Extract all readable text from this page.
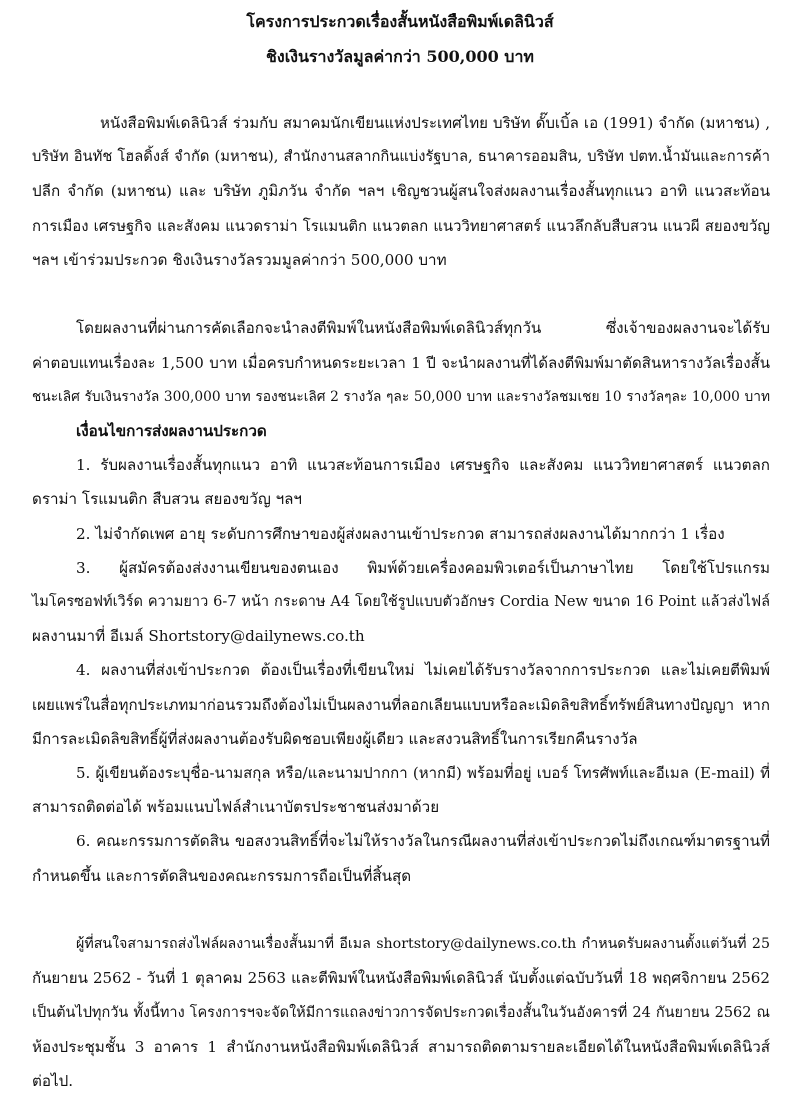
โครงการประกวดเรื่องสั้นหนังสือพิมพ์เดลินิวส์
ชิงเงินรางวัลมูลค่ากว่า 500,000 บาท
หนังสือพิมพ์เดลินิวส์ ร่วมกับ สมาคมนักเขียนแห่งประเทศไทย บริษัท ดั๊บเบิ้ล เอ (1991) จำกัด (มหาชน) ,
บริษัท อินทัช โฮลดิ้งส์ จำกัด (มหาชน), สำนักงานสลากกินแบ่งรัฐบาล, ธนาคารออมสิน, บริษัท ปตท.น้ำมันและการค้า
ปลีก จำกัด (มหาชน) และ บริษัท ภูมิภวัน จำกัด ฯลฯ เชิญชวนผู้สนใจส่งผลงานเรื่องสั้นทุกแนว อาทิ แนวสะท้อน
การเมือง เศรษฐกิจ และสังคม แนวดราม่า โรแมนติก แนวตลก แนววิทยาศาสตร์ แนวลึกลับสืบสวน แนวผี สยองขวัญ
ฯลฯ เข้าร่วมประกวด ชิงเงินรางวัลรวมมูลค่ากว่า 500,000 บาท
โดยผลงานที่ผ่านการคัดเลือกจะนำลงตีพิมพ์ในหนังสือพิมพ์เดลินิวส์ทุกวัน ซึ่งเจ้าของผลงานจะได้รับ
ค่าตอบแทนเรื่องละ 1,500 บาท เมื่อครบกำหนดระยะเวลา 1 ปี จะนำผลงานที่ได้ลงตีพิมพ์มาตัดสินหารางวัลเรื่องสั้น
ชนะเลิศ รับเงินรางวัล 300,000 บาท รองชนะเลิศ 2 รางวัล ๆละ 50,000 บาท และรางวัลชมเชย 10 รางวัลๆละ 10,000 บาท
เงื่อนไขการส่งผลงานประกวด
1. รับผลงานเรื่องสั้นทุกแนว อาทิ แนวสะท้อนการเมือง เศรษฐกิจ และสังคม แนววิทยาศาสตร์ แนวตลก
ดราม่า โรแมนติก สืบสวน สยองขวัญ ฯลฯ
2. ไม่จำกัดเพศ อายุ ระดับการศึกษาของผู้ส่งผลงานเข้าประกวด สามารถส่งผลงานได้มากกว่า 1 เรื่อง
3. ผู้สมัครต้องส่งงานเขียนของตนเอง พิมพ์ด้วยเครื่องคอมพิวเตอร์เป็นภาษาไทย โดยใช้โปรแกรม
ไมโครซอฟท์เวิร์ด ความยาว 6-7 หน้า กระดาษ A4 โดยใช้รูปแบบตัวอักษร Cordia New ขนาด 16 Point แล้วส่งไฟล์
ผลงานมาที่ อีเมล์ Shortstory@dailynews.co.th
4. ผลงานที่ส่งเข้าประกวด ต้องเป็นเรื่องที่เขียนใหม่ ไม่เคยได้รับรางวัลจากการประกวด และไม่เคยตีพิมพ์
เผยแพร่ในสื่อทุกประเภทมาก่อนรวมถึงต้องไม่เป็นผลงานที่ลอกเลียนแบบหรือละเมิดลิขสิทธิ์ทรัพย์สินทางปัญญา หาก
มีการละเมิดลิขสิทธิ์ผู้ที่ส่งผลงานต้องรับผิดชอบเพียงผู้เดียว และสงวนสิทธิ์ในการเรียกคืนรางวัล
5. ผู้เขียนต้องระบุชื่อ-นามสกุล หรือ/และนามปากกา (หากมี) พร้อมที่อยู่ เบอร์ โทรศัพท์และอีเมล (E-mail) ที่
สามารถติดต่อได้ พร้อมแนบไฟล์สำเนาบัตรประชาชนส่งมาด้วย
6. คณะกรรมการตัดสิน ขอสงวนสิทธิ์ที่จะไม่ให้รางวัลในกรณีผลงานที่ส่งเข้าประกวดไม่ถึงเกณฑ์มาตรฐานที่
กำหนดขึ้น และการตัดสินของคณะกรรมการถือเป็นที่สิ้นสุด
ผู้ที่สนใจสามารถส่งไฟล์ผลงานเรื่องสั้นมาที่ อีเมล shortstory@dailynews.co.th กำหนดรับผลงานตั้งแต่วันที่ 25
กันยายน 2562 - วันที่ 1 ตุลาคม 2563 และตีพิมพ์ในหนังสือพิมพ์เดลินิวส์ นับตั้งแต่ฉบับวันที่ 18 พฤศจิกายน 2562
เป็นต้นไปทุกวัน ทั้งนี้ทาง โครงการฯจะจัดให้มีการแถลงข่าวการจัดประกวดเรื่องสั้นในวันอังคารที่ 24 กันยายน 2562 ณ
ห้องประชุมชั้น 3 อาคาร 1 สำนักงานหนังสือพิมพ์เดลินิวส์ สามารถติดตามรายละเอียดได้ในหนังสือพิมพ์เดลินิวส์
ต่อไป.
